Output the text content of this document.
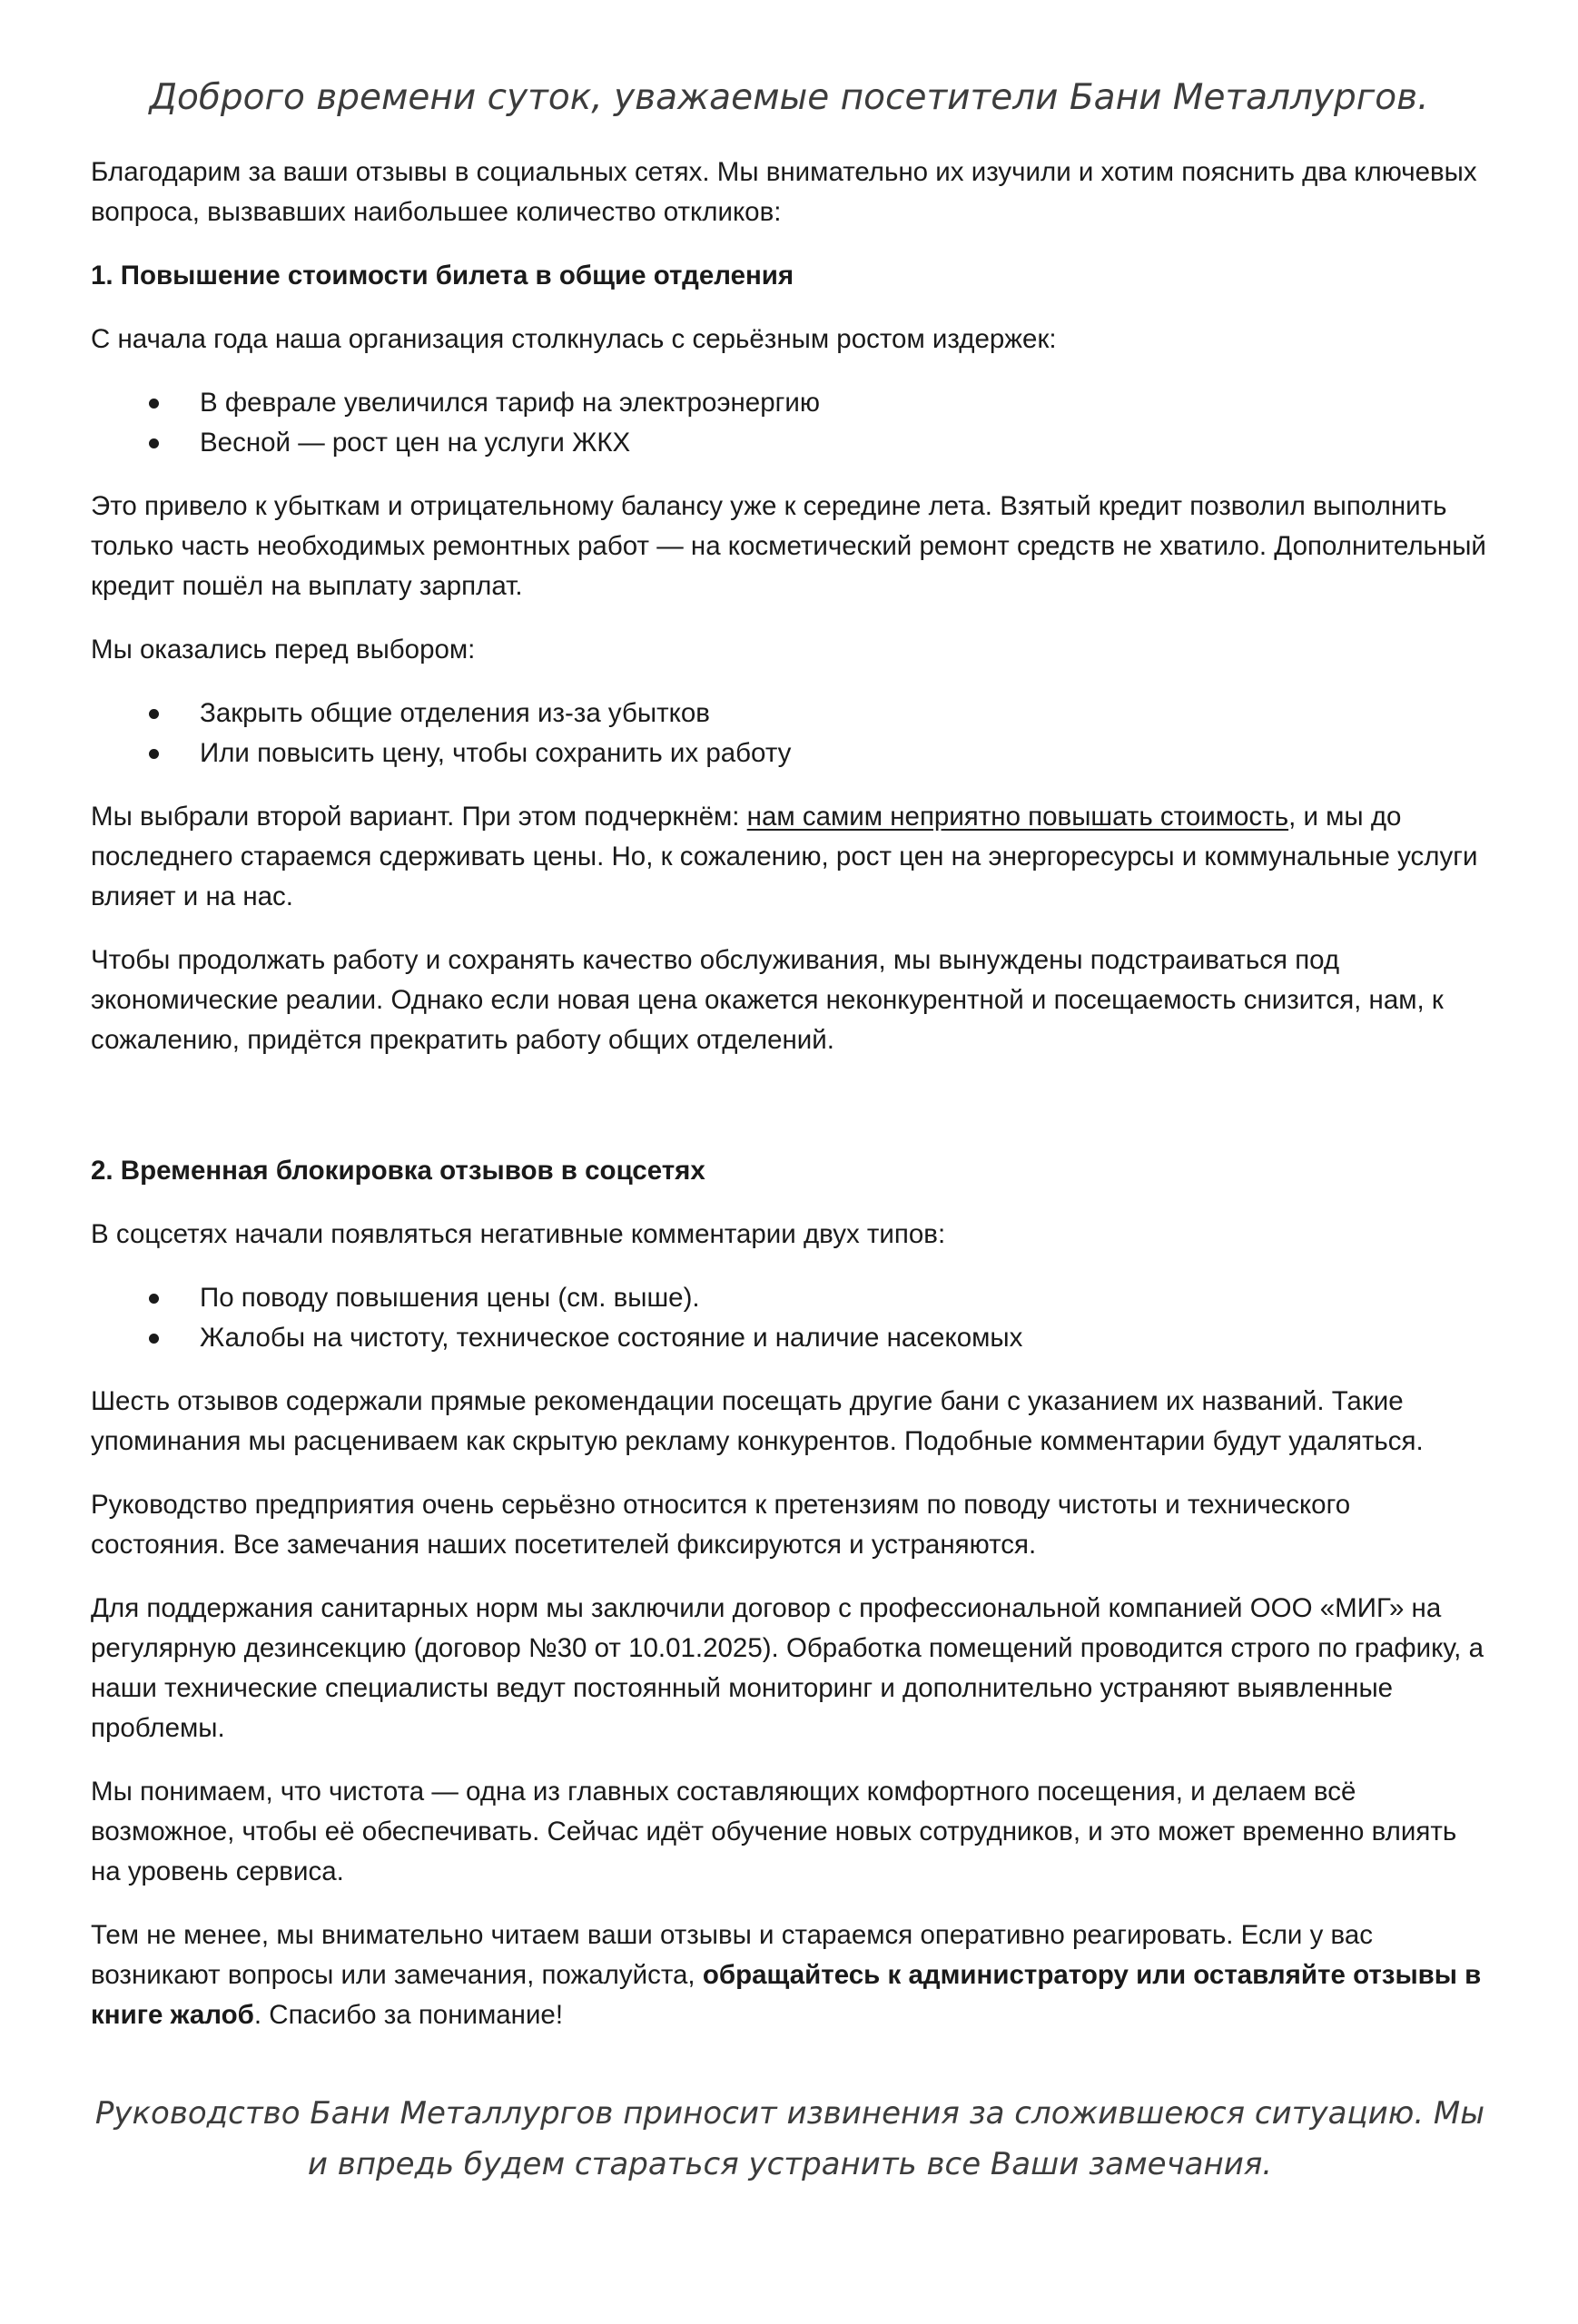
Доброго времени суток, уважаемые посетители Бани Металлургов.

Благодарим за ваши отзывы в социальных сетях. Мы внимательно их изучили и хотим пояснить два ключевых вопроса, вызвавших наибольшее количество откликов:

1. Повышение стоимости билета в общие отделения

С начала года наша организация столкнулась с серьёзным ростом издержек:

В феврале увеличился тариф на электроэнергию
Весной — рост цен на услуги ЖКХ

Это привело к убыткам и отрицательному балансу уже к середине лета. Взятый кредит позволил выполнить только часть необходимых ремонтных работ — на косметический ремонт средств не хватило. Дополнительный кредит пошёл на выплату зарплат.

Мы оказались перед выбором:

Закрыть общие отделения из-за убытков
Или повысить цену, чтобы сохранить их работу

Мы выбрали второй вариант. При этом подчеркнём: нам самим неприятно повышать стоимость, и мы до последнего стараемся сдерживать цены. Но, к сожалению, рост цен на энергоресурсы и коммунальные услуги влияет и на нас.

Чтобы продолжать работу и сохранять качество обслуживания, мы вынуждены подстраиваться под экономические реалии. Однако если новая цена окажется неконкурентной и посещаемость снизится, нам, к сожалению, придётся прекратить работу общих отделений.

2. Временная блокировка отзывов в соцсетях

В соцсетях начали появляться негативные комментарии двух типов:

По поводу повышения цены (см. выше).
Жалобы на чистоту, техническое состояние и наличие насекомых

Шесть отзывов содержали прямые рекомендации посещать другие бани с указанием их названий. Такие упоминания мы расцениваем как скрытую рекламу конкурентов. Подобные комментарии будут удаляться.

Руководство предприятия очень серьёзно относится к претензиям по поводу чистоты и технического состояния. Все замечания наших посетителей фиксируются и устраняются.

Для поддержания санитарных норм мы заключили договор с профессиональной компанией ООО «МИГ» на регулярную дезинсекцию (договор №30 от 10.01.2025). Обработка помещений проводится строго по графику, а наши технические специалисты ведут постоянный мониторинг и дополнительно устраняют выявленные проблемы.

Мы понимаем, что чистота — одна из главных составляющих комфортного посещения, и делаем всё возможное, чтобы её обеспечивать. Сейчас идёт обучение новых сотрудников, и это может временно влиять на уровень сервиса.

Тем не менее, мы внимательно читаем ваши отзывы и стараемся оперативно реагировать. Если у вас возникают вопросы или замечания, пожалуйста, обращайтесь к администратору или оставляйте отзывы в книге жалоб. Спасибо за понимание!

Руководство Бани Металлургов приносит извинения за сложившеюся ситуацию. Мы и впредь будем стараться устранить все Ваши замечания.
